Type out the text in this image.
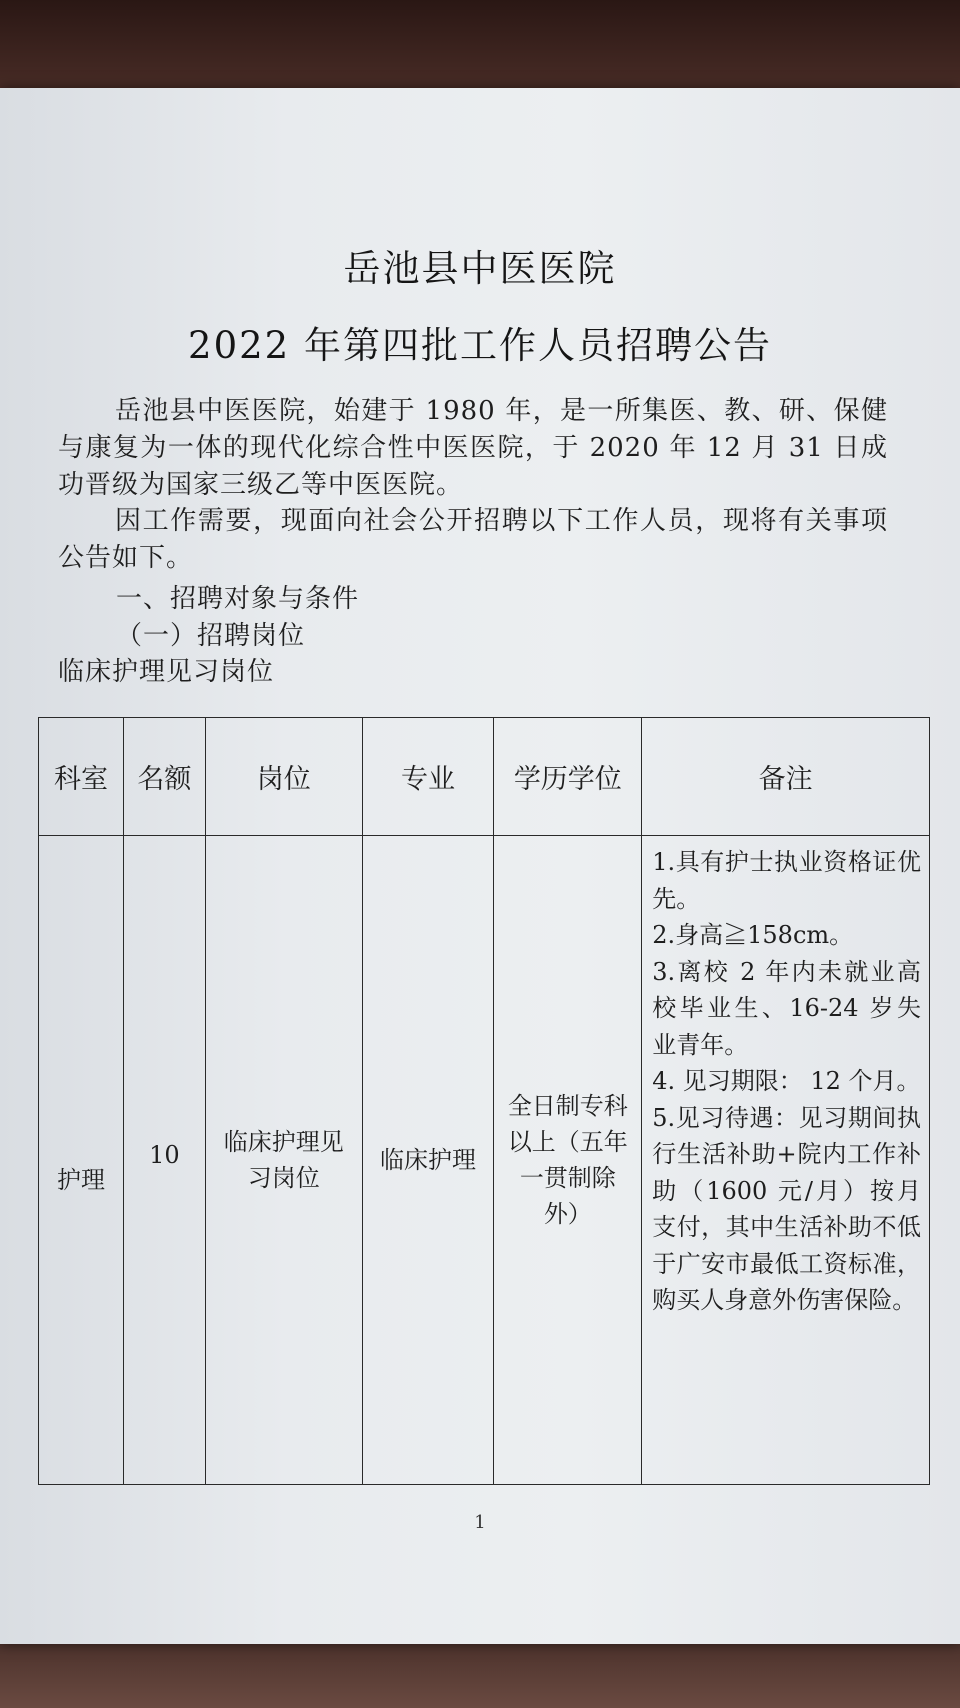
岳池县中医医院
2022 年第四批工作人员招聘公告

岳池县中医医院，始建于 1980 年，是一所集医、教、研、保健与康复为一体的现代化综合性中医医院，于 2020 年 12 月 31 日成功晋级为国家三级乙等中医医院。

因工作需要，现面向社会公开招聘以下工作人员，现将有关事项公告如下。

一、招聘对象与条件
（一）招聘岗位
临床护理见习岗位
科室	名额	岗位	专业	学历学位	备注
护理	10	临床护理见习岗位	临床护理	全日制专科以上（五年一贯制除外）	1.具有护士执业资格证优先。
2.身高≧158cm。
3.离校 2 年内未就业高校毕业生、16-24 岁失业青年。
4. 见习期限： 12 个月。
5.见习待遇：见习期间执行生活补助+院内工作补助（1600 元/月）按月支付，其中生活补助不低于广安市最低工资标准，购买人身意外伤害保险。
1
